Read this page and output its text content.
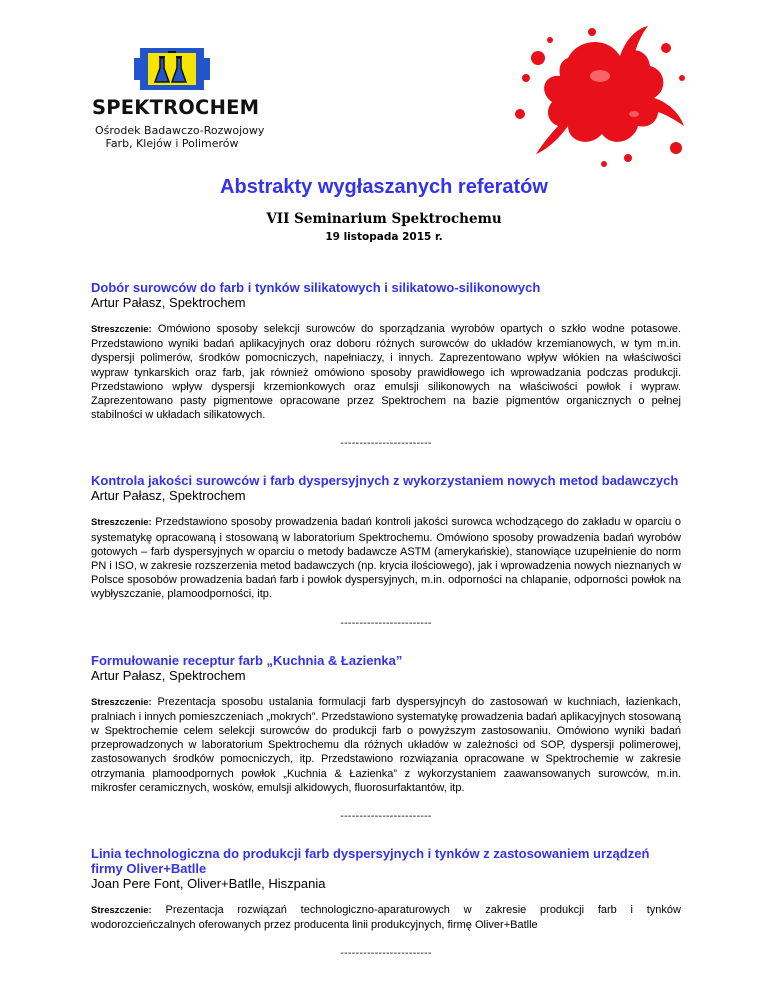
SPEKTROCHEM
Ośrodek Badawczo-Rozwojowy
Farb, Klejów i Polimerów
Abstrakty wygłaszanych referatów
VII Seminarium Spektrochemu
19 listopada 2015 r.

Dobór surowców do farb i tynków silikatowych i silikatowo-silikonowych

Artur Pałasz, Spektrochem

Streszczenie: Omówiono sposoby selekcji surowców do sporządzania wyrobów opartych o szkło wodne potasowe. Przedstawiono wyniki badań aplikacyjnych oraz doboru różnych surowców do układów krzemianowych, w tym m.in. dyspersji polimerów, środków pomocniczych, napełniaczy, i innych. Zaprezentowano wpływ włókien na właściwości wypraw tynkarskich oraz farb, jak również omówiono sposoby prawidłowego ich wprowadzania podczas produkcji. Przedstawiono wpływ dyspersji krzemionkowych oraz emulsji silikonowych na właściwości powłok i wypraw. Zaprezentowano pasty pigmentowe opracowane przez Spektrochem na bazie pigmentów organicznych o pełnej stabilności w układach silikatowych.

------------------------

Kontrola jakości surowców i farb dyspersyjnych z wykorzystaniem nowych metod badawczych

Artur Pałasz, Spektrochem

Streszczenie: Przedstawiono sposoby prowadzenia badań kontroli jakości surowca wchodzącego do zakładu w oparciu o systematykę opracowaną i stosowaną w laboratorium Spektrochemu. Omówiono sposoby prowadzenia badań wyrobów gotowych – farb dyspersyjnych w oparciu o metody badawcze ASTM (amerykańskie), stanowiące uzupełnienie do norm PN i ISO, w zakresie rozszerzenia metod badawczych (np. krycia ilościowego), jak i wprowadzenia nowych nieznanych w Polsce sposobów prowadzenia badań farb i powłok dyspersyjnych, m.in. odporności na chlapanie, odporności powłok na wybłyszczanie, plamoodporności, itp.

------------------------

Formułowanie receptur farb „Kuchnia & Łazienka”

Artur Pałasz, Spektrochem

Streszczenie: Prezentacja sposobu ustalania formulacji farb dyspersyjncyh do zastosowań w kuchniach, łazienkach, pralniach i innych pomieszczeniach „mokrych”. Przedstawiono systematykę prowadzenia badań aplikacyjnych stosowaną w Spektrochemie celem selekcji surowców do produkcji farb o powyższym zastosowaniu. Omówiono wyniki badań przeprowadzonych w laboratorium Spektrochemu dla różnych układów w zależności od SOP, dyspersji polimerowej, zastosowanych środków pomocniczych, itp. Przedstawiono rozwiązania opracowane w Spektrochemie w zakresie otrzymania plamoodpornych powłok „Kuchnia & Łazienka” z wykorzystaniem zaawansowanych surowców, m.in. mikrosfer ceramicznych, wosków, emulsji alkidowych, fluorosurfaktantów, itp.

------------------------

Linia technologiczna do produkcji farb dyspersyjnych i tynków z zastosowaniem urządzeń firmy Oliver+Batlle

Joan Pere Font, Oliver+Batlle, Hiszpania

Streszczenie: Prezentacja rozwiązań technologiczno-aparaturowych w zakresie produkcji farb i tynków wodorozcieńczalnych oferowanych przez producenta linii produkcyjnych, firmę Oliver+Batlle

------------------------
